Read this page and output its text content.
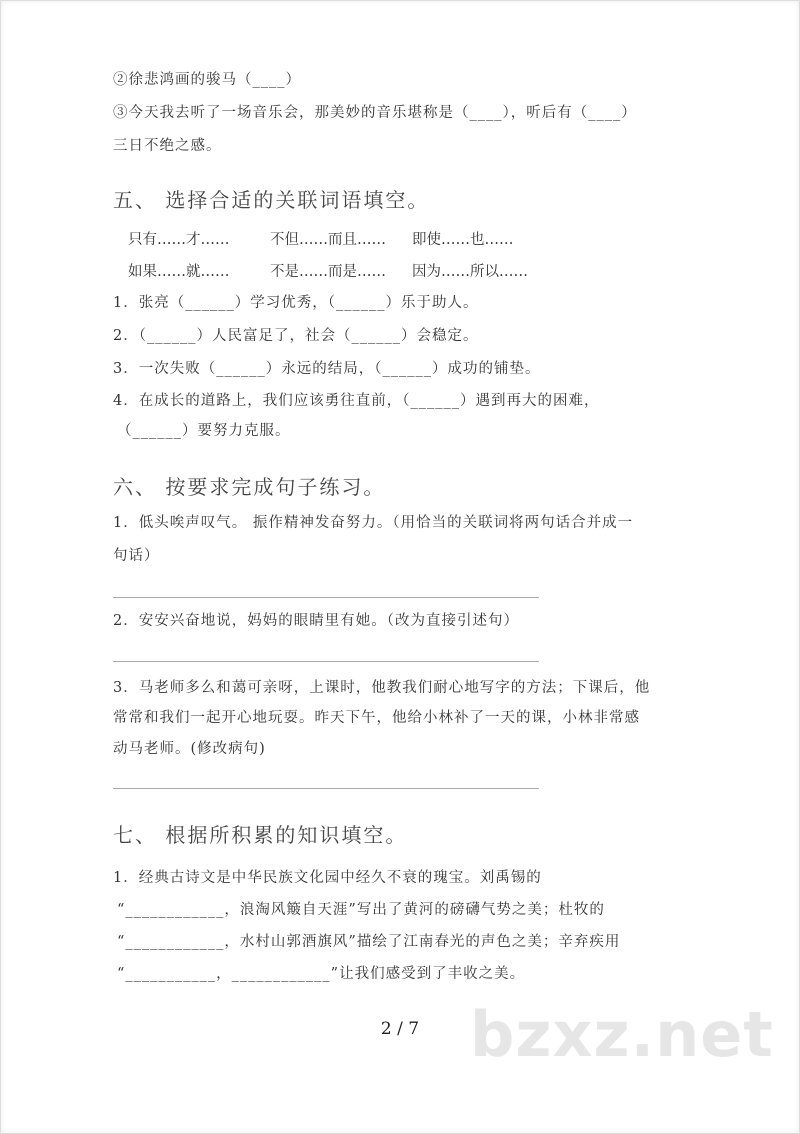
②徐悲鸿画的骏马（____）
③今天我去听了一场音乐会，那美妙的音乐堪称是（____），听后有（____）
三日不绝之感。
五、 选择合适的关联词语填空。
只有……才……	不但……而且……	即使……也……
如果……就……	不是……而是……	因为……所以……
1．张亮（______）学习优秀，（______）乐于助人。
2．（______）人民富足了，社会（______）会稳定。
3．一次失败（______）永远的结局，（______）成功的铺垫。
4．在成长的道路上，我们应该勇往直前，（______）遇到再大的困难，
（______）要努力克服。
六、 按要求完成句子练习。
1．低头唉声叹气。 振作精神发奋努力。（用恰当的关联词将两句话合并成一
句话）
2．安安兴奋地说，妈妈的眼睛里有她。（改为直接引述句）
3．马老师多么和蔼可亲呀，上课时，他教我们耐心地写字的方法；下课后，他
常常和我们一起开心地玩耍。昨天下午，他给小林补了一天的课，小林非常感
动马老师。(修改病句)
七、 根据所积累的知识填空。
1．经典古诗文是中华民族文化园中经久不衰的瑰宝。刘禹锡的
“____________，浪淘风簸自天涯”写出了黄河的磅礴气势之美；杜牧的
“____________，水村山郭酒旗风”描绘了江南春光的声色之美；辛弃疾用
“___________，____________”让我们感受到了丰收之美。
bzxz.net
2 / 7
